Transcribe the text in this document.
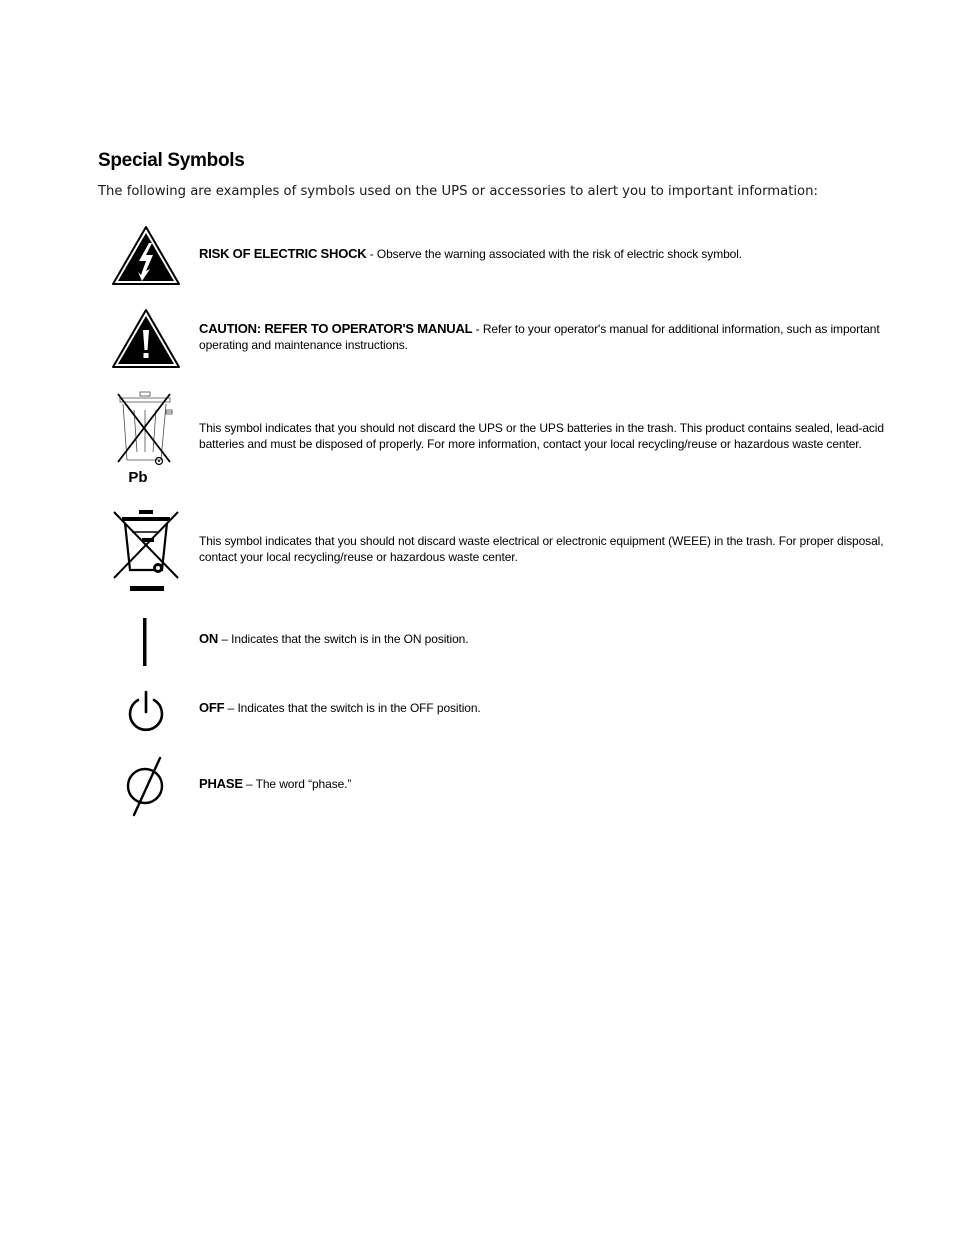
Special Symbols

The following are examples of symbols used on the UPS or accessories to alert you to important information:

RISK OF ELECTRIC SHOCK - Observe the warning associated with the risk of electric shock symbol.

CAUTION: REFER TO OPERATOR'S MANUAL - Refer to your operator's manual for additional information, such as important operating and maintenance instructions.

Pb

This symbol indicates that you should not discard the UPS or the UPS batteries in the trash. This product contains sealed, lead-acid batteries and must be disposed of properly. For more information, contact your local recycling/reuse or hazardous waste center.

This symbol indicates that you should not discard waste electrical or electronic equipment (WEEE) in the trash. For proper disposal, contact your local recycling/reuse or hazardous waste center.

ON – Indicates that the switch is in the ON position.

OFF – Indicates that the switch is in the OFF position.

PHASE – The word “phase.”
